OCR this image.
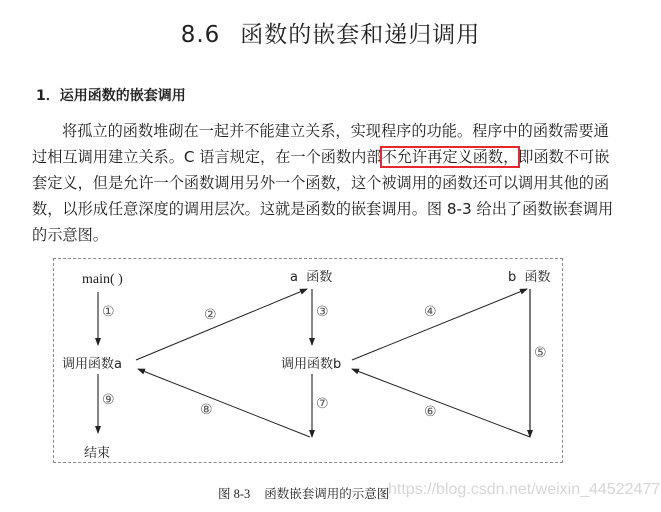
8.6 函数的嵌套和递归调用
1．运用函数的嵌套调用
将孤立的函数堆砌在一起并不能建立关系，实现程序的功能。程序中的函数需要通
过相互调用建立关系。C 语言规定，在一个函数内部不允许再定义函数，即函数不可嵌
套定义，但是允许一个函数调用另外一个函数，这个被调用的函数还可以调用其他的函
数，以形成任意深度的调用层次。这就是函数的嵌套调用。图 8-3 给出了函数嵌套调用
的示意图。
main( )
调用函数a
结束
a  函数
调用函数b
b  函数
①	②	③	④
⑤
⑥
⑦
⑧
⑨
图 8-3 函数嵌套调用的示意图
https://blog.csdn.net/weixin_44522477
